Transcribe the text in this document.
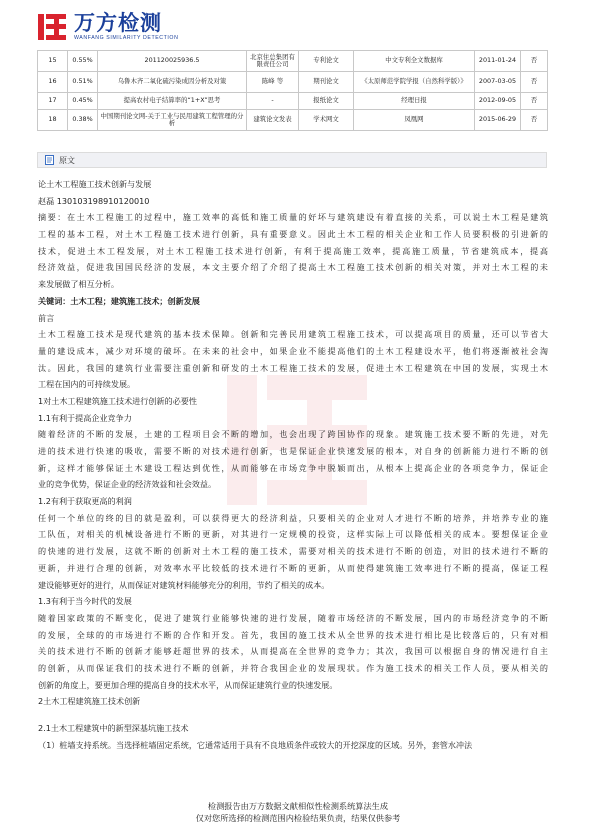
万方检测
WANFANG SIMILARITY DETECTION
15	0.55%	201120025936.5	北京住总集团有限责任公司	专利论文	中文专利全文数据库	2011-01-24	否
16	0.51%	乌鲁木齐二氧化硫污染成因分析及对策	陈峰 等	期刊论文	《太原师范学院学报（自然科学版）》	2007-03-05	否
17	0.45%	提高农村电子结算率的“1+X”思考	-	报纸论文	经理日报	2012-09-05	否
18	0.38%	中国期刊论文网-关于工业与民用建筑工程管理的分析	建筑论文发表	学术网文	凤凰网	2015-06-29	否
原文
论土木工程施工技术创新与发展
赵磊 130103198910120010
摘要：在土木工程施工的过程中，施工效率的高低和施工质量的好坏与建筑建设有着直接的关系，可以说土木工程是建筑
工程的基本工程，对土木工程施工技术进行创新，具有重要意义。因此土木工程的相关企业和工作人员要积极的引进新的
技术，促进土木工程发展，对土木工程施工技术进行创新，有利于提高施工效率，提高施工质量，节省建筑成本，提高
经济效益，促进我国国民经济的发展，本文主要介绍了介绍了提高土木工程施工技术创新的相关对策，并对土木工程的未
来发展做了相互分析。
关键词：土木工程；建筑施工技术；创新发展
前言
土木工程施工技术是现代建筑的基本技术保障。创新和完善民用建筑工程施工技术，可以提高项目的质量，还可以节省大
量的建设成本，减少对环境的破坏。在未来的社会中，如果企业不能提高他们的土木工程建设水平，他们将逐渐被社会淘
汰。因此，我国的建筑行业需要注重创新和研发的土木工程施工技术的发展，促进土木工程建筑在中国的发展，实现土木
工程在国内的可持续发展。
1对土木工程建筑施工技术进行创新的必要性
1.1有利于提高企业竞争力
随着经济的不断的发展，土建的工程项目会不断的增加，也会出现了跨国协作的现象。建筑施工技术要不断的先进，对先
进的技术进行快速的吸收，需要不断的对技术进行创新，也是保证企业快速发展的根本，对自身的创新能力进行不断的创
新，这样才能够保证土木建设工程达到优性，从而能够在市场竞争中脱颖而出，从根本上提高企业的各项竞争力，保证企
业的竞争优势，保证企业的经济效益和社会效益。
1.2有利于获取更高的利润
任何一个单位的终的目的就是盈利，可以获得更大的经济利益，只要相关的企业对人才进行不断的培养，并培养专业的施
工队伍，对相关的机械设备进行不断的更新，对其进行一定规模的投资，这样实际上可以降低相关的成本。要想保证企业
的快速的进行发展，这就不断的创新对土木工程的施工技术，需要对相关的技术进行不断的创造，对旧的技术进行不断的
更新，并进行合理的创新，对效率水平比较低的技术进行不断的更新，从而使得建筑施工效率进行不断的提高，保证工程
建设能够更好的进行，从而保证对建筑材料能够充分的利用，节约了相关的成本。
1.3有利于当今时代的发展
随着国家政策的不断变化，促进了建筑行业能够快速的进行发展，随着市场经济的不断发展，国内的市场经济竞争的不断
的发展，全球的的市场进行不断的合作和开发。首先，我国的施工技术从全世界的技术进行相比是比较落后的，只有对相
关的技术进行不断的创新才能够赶超世界的技术，从而提高在全世界的竞争力；其次，我国可以根据自身的情况进行自主
的创新，从而保证我们的技术进行不断的创新，并符合我国企业的发展现状。作为施工技术的相关工作人员，要从相关的
创新的角度上，要更加合理的提高自身的技术水平，从而保证建筑行业的快速发展。
2土木工程建筑施工技术创新
2.1土木工程建筑中的新型深基坑施工技术
（1）桩墙支持系统。当选择桩墙固定系统，它通常适用于具有不良地质条件或较大的开挖深度的区域。另外，套管水冲法
检测报告由万方数据文献相似性检测系统算法生成
仅对您所选择的检测范围内检验结果负责，结果仅供参考
